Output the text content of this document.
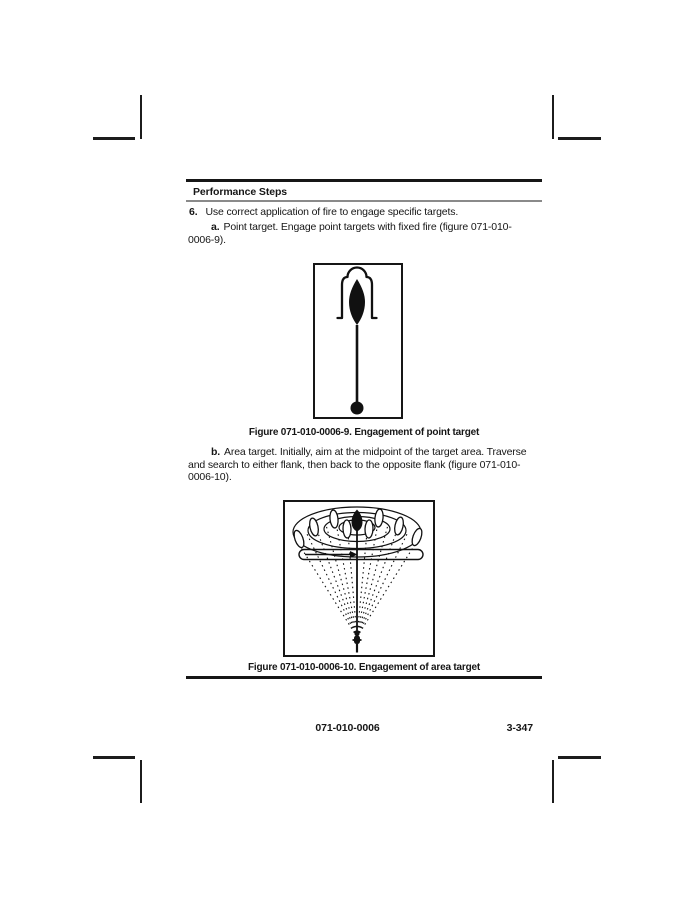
Performance Steps
6. Use correct application of fire to engage specific targets.
a. Point target. Engage point targets with fixed fire (figure 071-010-
0006-9).
Figure 071-010-0006-9. Engagement of point target
b. Area target. Initially, aim at the midpoint of the target area. Traverse
and search to either flank, then back to the opposite flank (figure 071-010-
0006-10).
Figure 071-010-0006-10. Engagement of area target
071-010-0006	3-347
